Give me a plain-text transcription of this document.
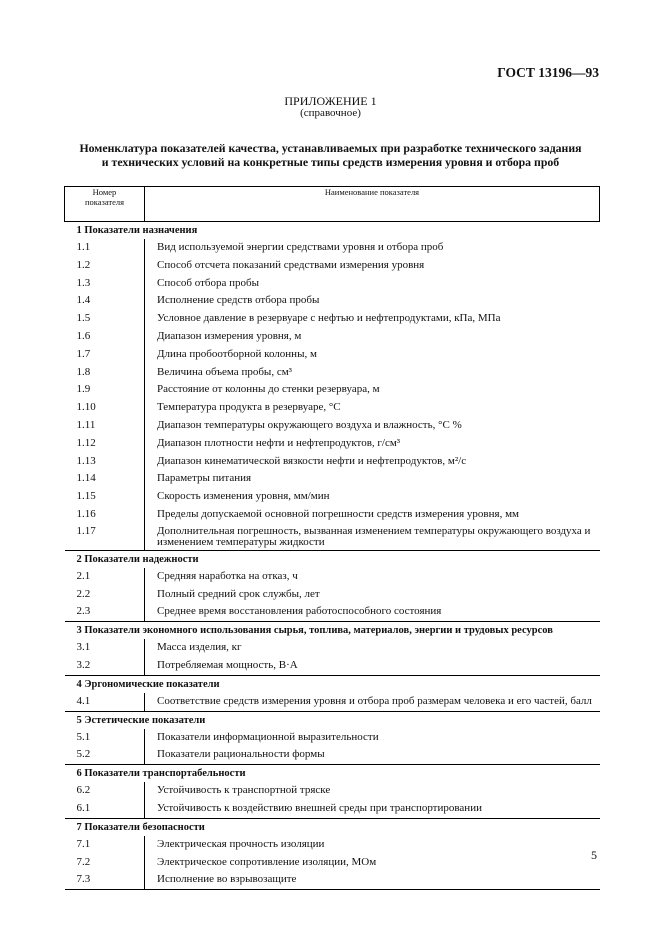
ГОСТ 13196—93
ПРИЛОЖЕНИЕ 1
(справочное)
Номенклатура показателей качества, устанавливаемых при разработке технического задания
и технических условий на конкретные типы средств измерения уровня и отбора проб
Номер показателя	Наименование показателя
1 Показатели назначения	
1.1	Вид используемой энергии средствами уровня и отбора проб
1.2	Способ отсчета показаний средствами измерения уровня
1.3	Способ отбора пробы
1.4	Исполнение средств отбора пробы
1.5	Условное давление в резервуаре с нефтью и нефтепродуктами, кПа, МПа
1.6	Диапазон измерения уровня, м
1.7	Длина пробоотборной колонны, м
1.8	Величина объема пробы, см³
1.9	Расстояние от колонны до стенки резервуара, м
1.10	Температура продукта в резервуаре, °С
1.11	Диапазон температуры окружающего воздуха и влажность, °С %
1.12	Диапазон плотности нефти и нефтепродуктов, г/см³
1.13	Диапазон кинематической вязкости нефти и нефтепродуктов, м²/с
1.14	Параметры питания
1.15	Скорость изменения уровня, мм/мин
1.16	Пределы допускаемой основной погрешности средств измерения уровня, мм
1.17	Дополнительная погрешность, вызванная изменением температуры окружающего воздуха и изменением температуры жидкости
2 Показатели надежности	
2.1	Средняя наработка на отказ, ч
2.2	Полный средний срок службы, лет
2.3	Среднее время восстановления работоспособного состояния
3 Показатели экономного использования сырья, топлива, материалов, энергии и трудовых ресурсов	
3.1	Масса изделия, кг
3.2	Потребляемая мощность, В·А
4 Эргономические показатели	
4.1	Соответствие средств измерения уровня и отбора проб размерам человека и его частей, балл
5 Эстетические показатели	
5.1	Показатели информационной выразительности
5.2	Показатели рациональности формы
6 Показатели транспортабельности	
6.2	Устойчивость к транспортной тряске
6.1	Устойчивость к воздействию внешней среды при транспортировании
7 Показатели безопасности	
7.1	Электрическая прочность изоляции
7.2	Электрическое сопротивление изоляции, МОм
7.3	Исполнение во взрывозащите
5
